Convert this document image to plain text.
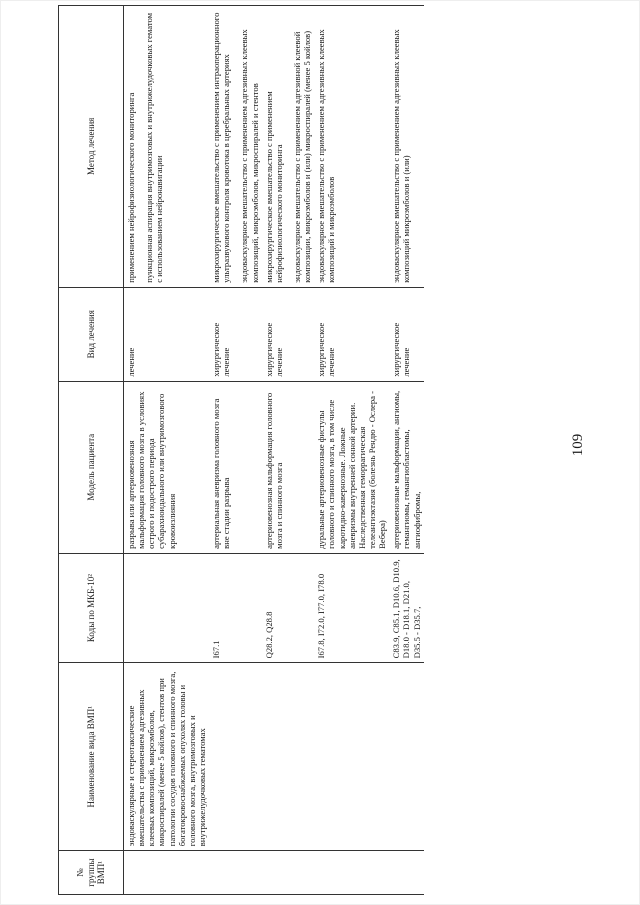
109
№ группы ВМП¹	Наименование вида ВМП¹	Коды по МКБ-10²	Модель пациента	Вид лечения	Метод лечения
	эндоваскулярные и стереотаксические вмешательства с применением адгезивных клеевых композиций, микроэмболов, микроспиралей (менее 5 койлов), стентов при патологии сосудов головного и спинного мозга, богатокровоснабжаемых опухолях головы и головного мозга, внутримозговых и внутрижелудочковых гематомах		разрыва или артериовенозная мальформация головного мозга в условиях острого и подострого периода субарахноидального или внутримозгового кровоизлияния	лечение	применением нейрофизиологического мониторинга пункционная аспирация внутримозговых и внутрижелудочковых гематом с использованием нейронавигации

		I67.1	артериальная аневризма головного мозга вне стадии разрыва	хирургическое лечение	микрохирургическое вмешательство с применением интраоперационного ультразвукового контроля кровотока в церебральных артериях эндоваскулярное вмешательство с применением адгезивных клеевых композиций, микроэмболов, микроспиралей и стентов

		Q28.2, Q28.8	артериовенозная мальформация головного мозга и спинного мозга	хирургическое лечение	микрохирургическое вмешательство с применением нейрофизиологического мониторинга эндоваскулярное вмешательство с применением адгезивной клеевой композиции, микроэмболов и (или) микроспиралей (менее 5 койлов)

		I67.8, I72.0, I77.0, I78.0	дуральные артериовенозные фистулы головного и спинного мозга, в том числе каротидно-кавернозные. Ложные аневризмы внутренней сонной артерии. Наследственная геморрагическая телеангиэктазия (болезнь Рендю - Ослера - Вебера)	хирургическое лечение	эндоваскулярное вмешательство с применением адгезивных клеевых композиций и микроэмболов

		C83.9, C85.1, D10.6, D10.9, D18.0 - D18.1, D21.0, D35.5 - D35.7,	артериовенозные мальформации, ангиомы, гемангиомы, гемангиобластомы, ангиофибромы,	хирургическое лечение	эндоваскулярное вмешательство с применением адгезивных клеевых композиций микроэмболов и (или)
